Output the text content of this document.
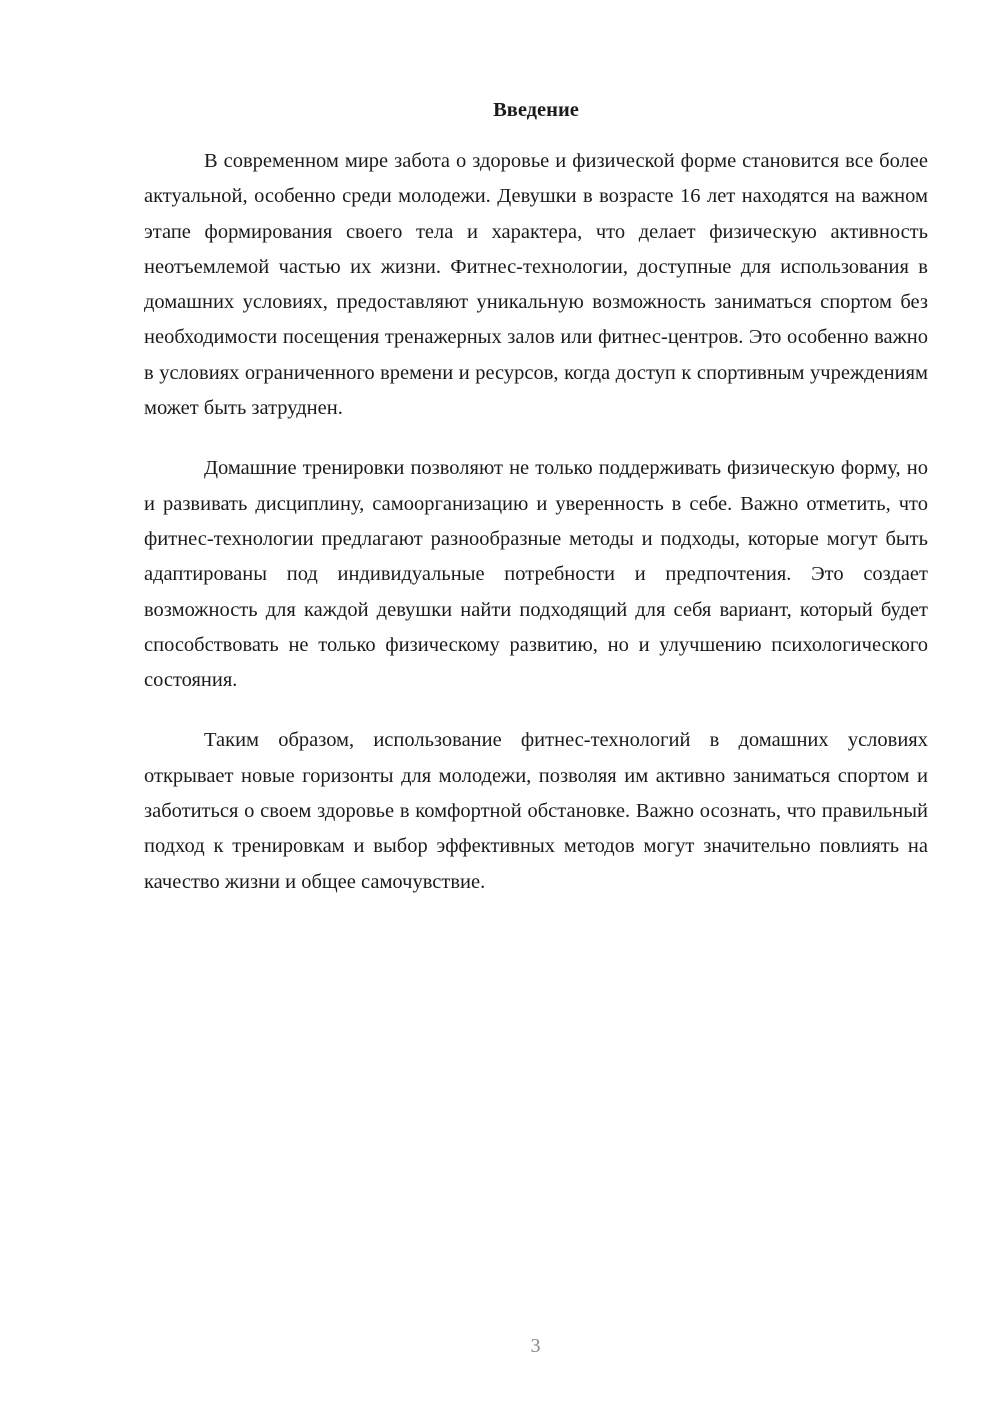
Введение

В современном мире забота о здоровье и физической форме становится все более актуальной, особенно среди молодежи. Девушки в возрасте 16 лет находятся на важном этапе формирования своего тела и характера, что делает физическую активность неотъемлемой частью их жизни. Фитнес-технологии, доступные для использования в домашних условиях, предоставляют уникальную возможность заниматься спортом без необходимости посещения тренажерных залов или фитнес-центров. Это особенно важно в условиях ограниченного времени и ресурсов, когда доступ к спортивным учреждениям может быть затруднен.

Домашние тренировки позволяют не только поддерживать физическую форму, но и развивать дисциплину, самоорганизацию и уверенность в себе. Важно отметить, что фитнес-технологии предлагают разнообразные методы и подходы, которые могут быть адаптированы под индивидуальные потребности и предпочтения. Это создает возможность для каждой девушки найти подходящий для себя вариант, который будет способствовать не только физическому развитию, но и улучшению психологического состояния.

Таким образом, использование фитнес-технологий в домашних условиях открывает новые горизонты для молодежи, позволяя им активно заниматься спортом и заботиться о своем здоровье в комфортной обстановке. Важно осознать, что правильный подход к тренировкам и выбор эффективных методов могут значительно повлиять на качество жизни и общее самочувствие.

3
